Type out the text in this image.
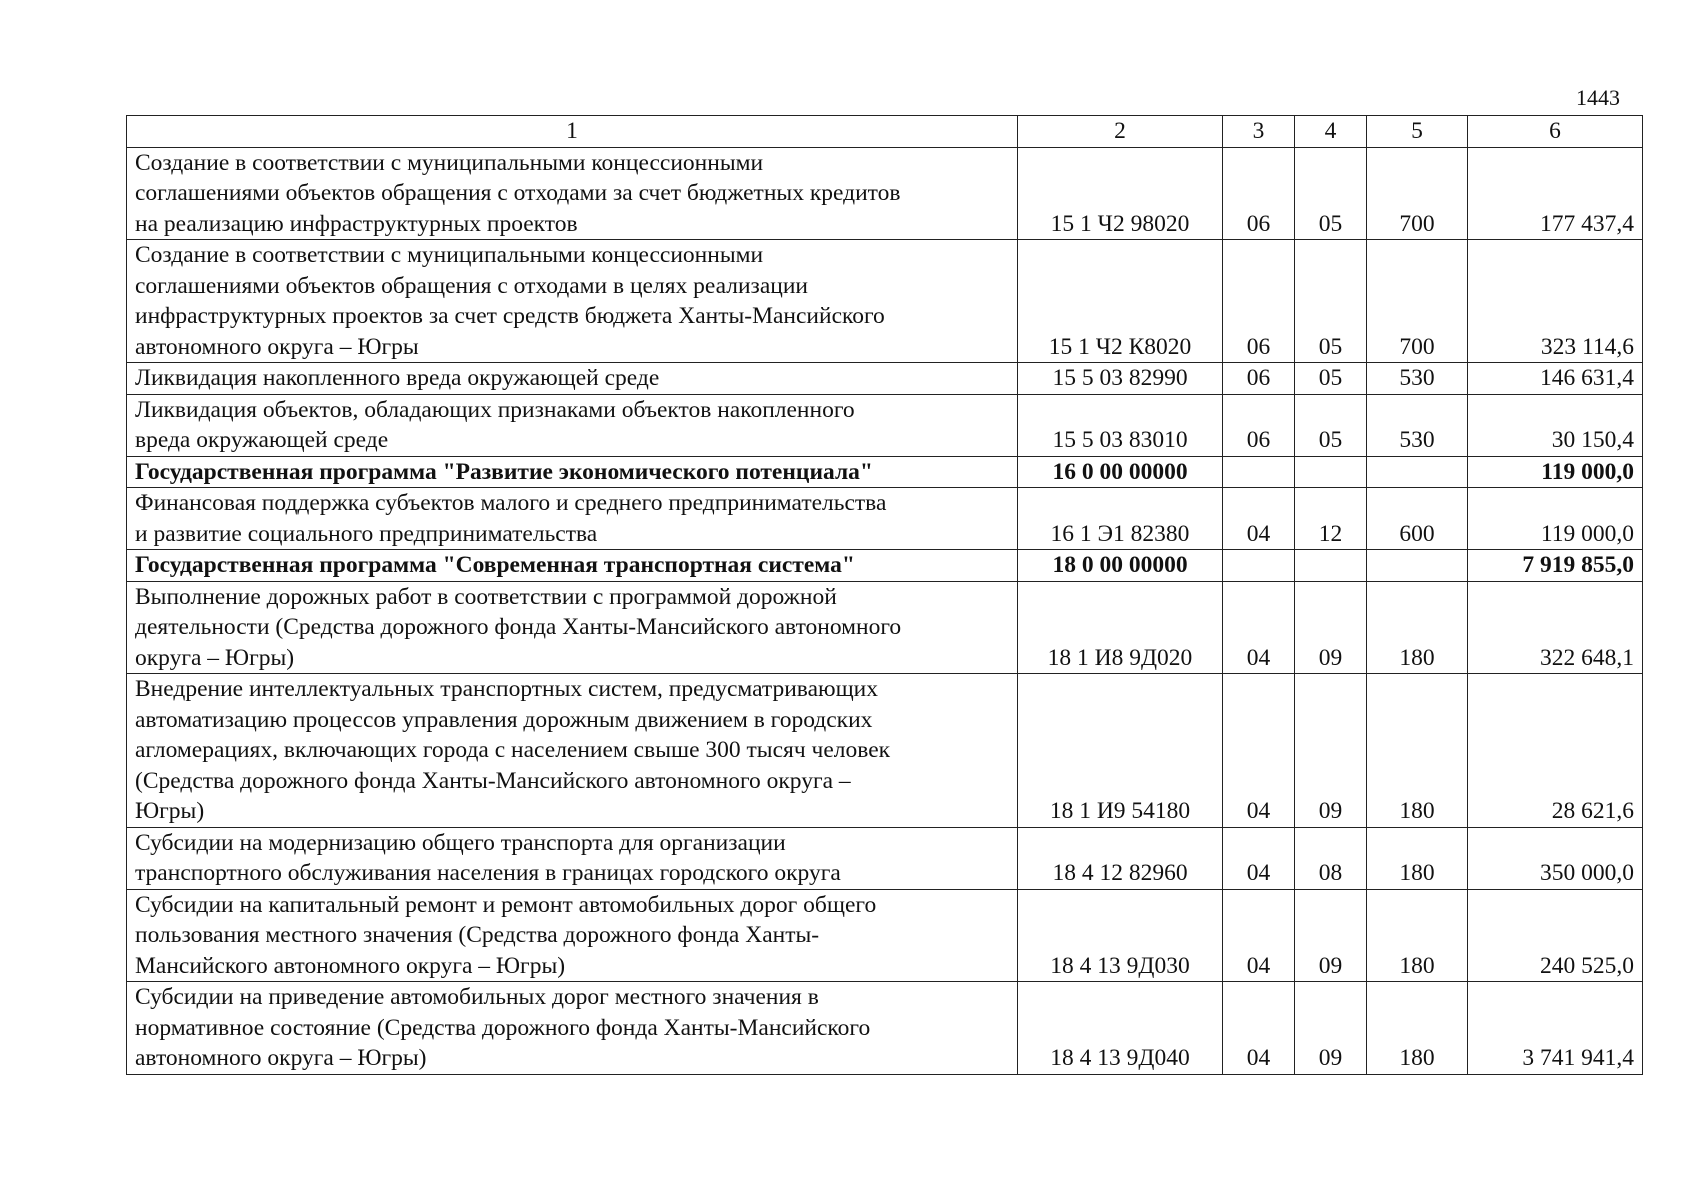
1443
1	2	3	4	5	6

Создание в соответствии с муниципальными концессионными
соглашениями объектов обращения с отходами за счет бюджетных кредитов
на реализацию инфраструктурных проектов	15 1 Ч2 98020	06	05	700	177 437,4

Создание в соответствии с муниципальными концессионными
соглашениями объектов обращения с отходами в целях реализации
инфраструктурных проектов за счет средств бюджета Ханты-Мансийского
автономного округа – Югры	15 1 Ч2 К8020	06	05	700	323 114,6

Ликвидация накопленного вреда окружающей среде	15 5 03 82990	06	05	530	146 631,4

Ликвидация объектов, обладающих признаками объектов накопленного
вреда окружающей среде	15 5 03 83010	06	05	530	30 150,4

Государственная программа "Развитие экономического потенциала"	16 0 00 00000				119 000,0

Финансовая поддержка субъектов малого и среднего предпринимательства
и развитие социального предпринимательства	16 1 Э1 82380	04	12	600	119 000,0

Государственная программа "Современная транспортная система"	18 0 00 00000				7 919 855,0

Выполнение дорожных работ в соответствии с программой дорожной
деятельности (Средства дорожного фонда Ханты-Мансийского автономного
округа – Югры)	18 1 И8 9Д020	04	09	180	322 648,1

Внедрение интеллектуальных транспортных систем, предусматривающих
автоматизацию процессов управления дорожным движением в городских
агломерациях, включающих города с населением свыше 300 тысяч человек
(Средства дорожного фонда Ханты-Мансийского автономного округа –
Югры)	18 1 И9 54180	04	09	180	28 621,6

Субсидии на модернизацию общего транспорта для организации
транспортного обслуживания населения в границах городского округа	18 4 12 82960	04	08	180	350 000,0

Субсидии на капитальный ремонт и ремонт автомобильных дорог общего
пользования местного значения (Средства дорожного фонда Ханты-
Мансийского автономного округа – Югры)	18 4 13 9Д030	04	09	180	240 525,0

Субсидии на приведение автомобильных дорог местного значения в
нормативное состояние (Средства дорожного фонда Ханты-Мансийского
автономного округа – Югры)	18 4 13 9Д040	04	09	180	3 741 941,4
